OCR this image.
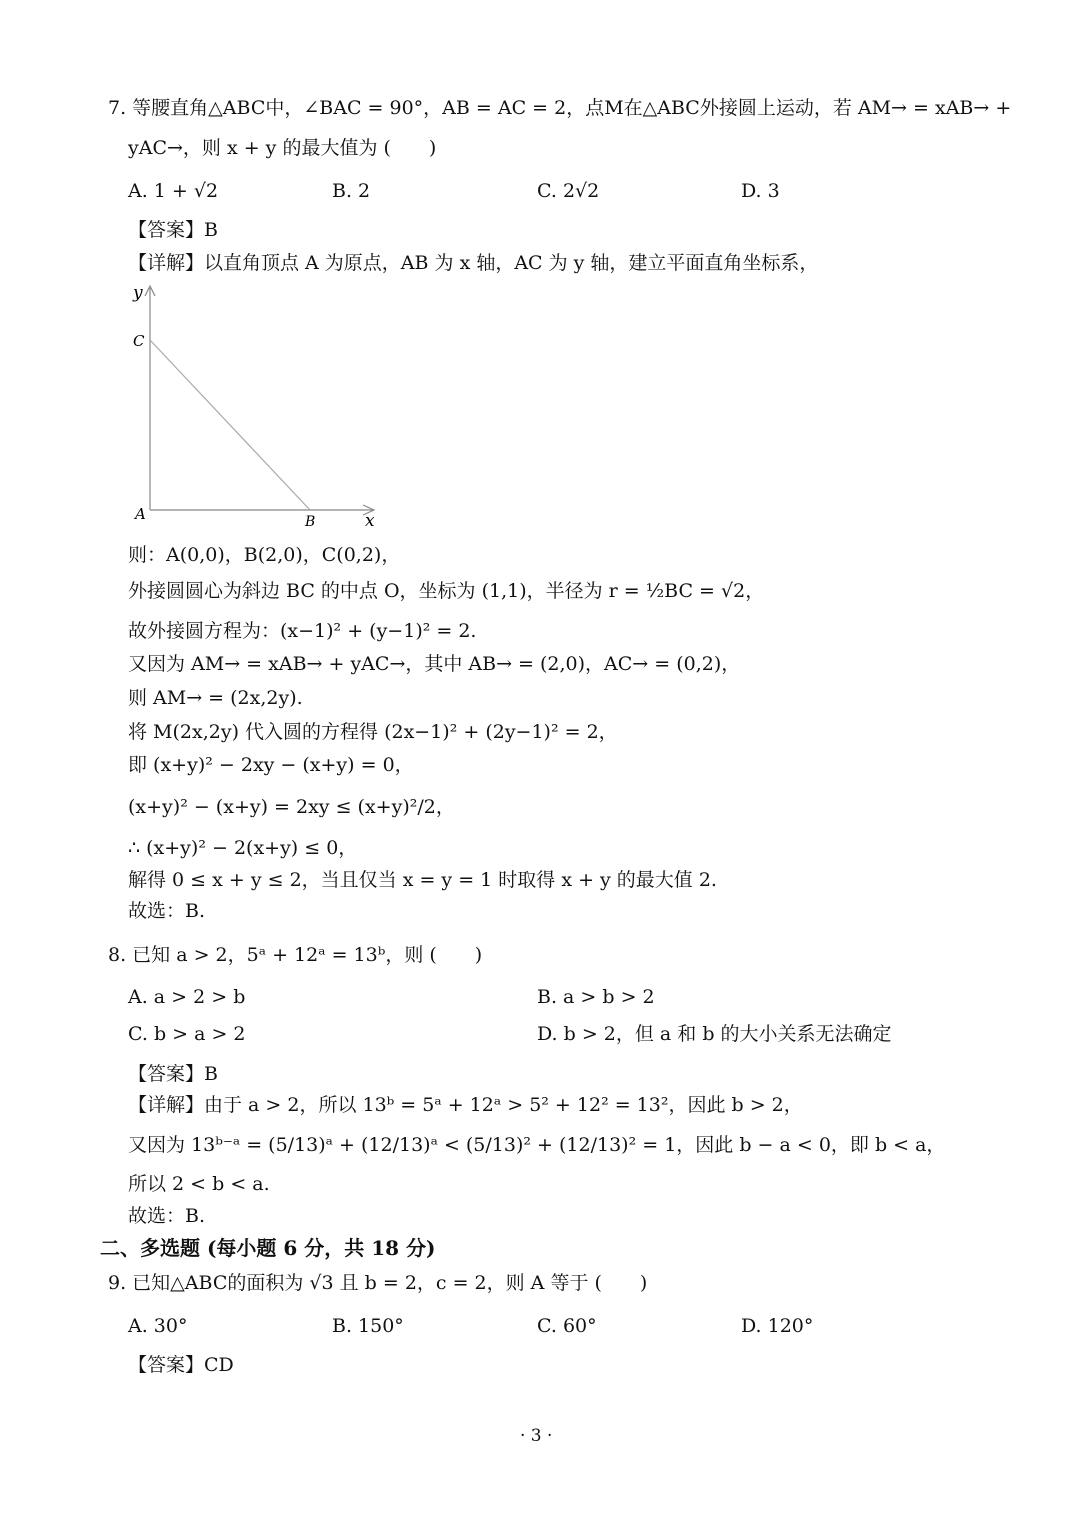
7. 等腰直角△ABC中，∠BAC = 90°，AB = AC = 2，点M在△ABC外接圆上运动，若 AM→ = xAB→ +
yAC→，则 x + y 的最大值为 (　　)
A. 1 + √2	B. 2	C. 2√2	D. 3
【答案】B
【详解】以直角顶点 A 为原点，AB 为 x 轴，AC 为 y 轴，建立平面直角坐标系，
y
C
A	B	x
则：A(0,0)，B(2,0)，C(0,2)，
外接圆圆心为斜边 BC 的中点 O，坐标为 (1,1)，半径为 r = ½BC = √2，
故外接圆方程为：(x−1)² + (y−1)² = 2.
又因为 AM→ = xAB→ + yAC→，其中 AB→ = (2,0)，AC→ = (0,2)，
则 AM→ = (2x,2y).
将 M(2x,2y) 代入圆的方程得 (2x−1)² + (2y−1)² = 2，
即 (x+y)² − 2xy − (x+y) = 0，
(x+y)² − (x+y) = 2xy ≤ (x+y)²/2，
∴ (x+y)² − 2(x+y) ≤ 0，
解得 0 ≤ x + y ≤ 2，当且仅当 x = y = 1 时取得 x + y 的最大值 2.
故选：B.
8. 已知 a > 2，5ᵃ + 12ᵃ = 13ᵇ，则 (　　)
A. a > 2 > b	B. a > b > 2
C. b > a > 2	D. b > 2，但 a 和 b 的大小关系无法确定
【答案】B
【详解】由于 a > 2，所以 13ᵇ = 5ᵃ + 12ᵃ > 5² + 12² = 13²，因此 b > 2，
又因为 13ᵇ⁻ᵃ = (5/13)ᵃ + (12/13)ᵃ < (5/13)² + (12/13)² = 1，因此 b − a < 0，即 b < a，
所以 2 < b < a.
故选：B.
二、多选题 (每小题 6 分，共 18 分)
9. 已知△ABC的面积为 √3 且 b = 2，c = 2，则 A 等于 (　　)
A. 30°	B. 150°	C. 60°	D. 120°
【答案】CD
· 3 ·
